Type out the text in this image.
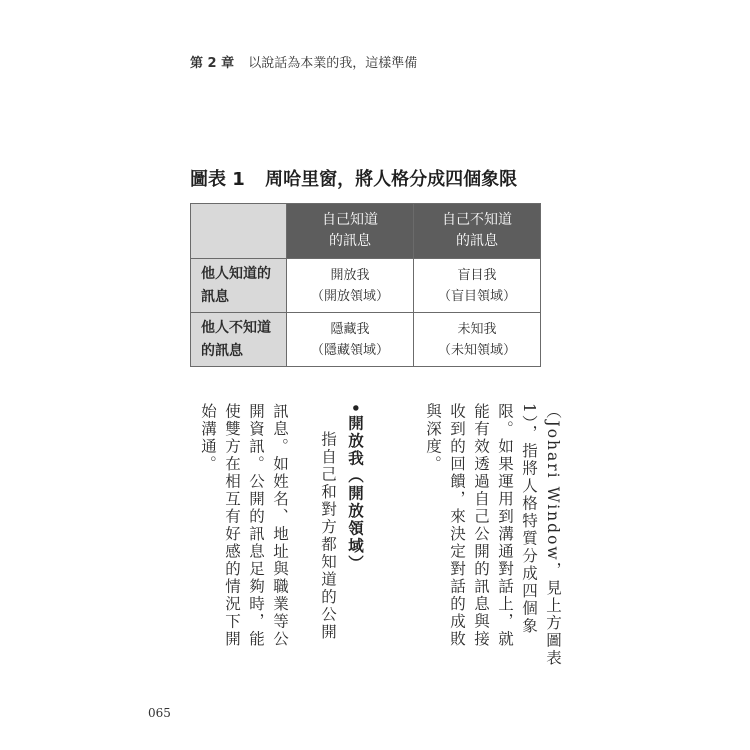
第 2 章 以說話為本業的我，這樣準備
圖表 1 周哈里窗，將人格分成四個象限

	自己知道
的訊息	自己不知道
的訊息

他人知道的
訊息	開放我
（開放領域）	盲目我
（盲目領域）

他人不知道
的訊息	隱藏我
（隱藏領域）	未知我
（未知領域）
（Johari Window，見上方圖表
1），指將人格特質分成四個象
限。如果運用到溝通對話上，就
能有效透過自己公開的訊息與接
收到的回饋，來決定對話的成敗
與深度。
•開放我（開放領域）
指自己和對方都知道的公開
訊息。如姓名、地址與職業等公
開資訊。公開的訊息足夠時，能
使雙方在相互有好感的情況下開
始溝通。
065
